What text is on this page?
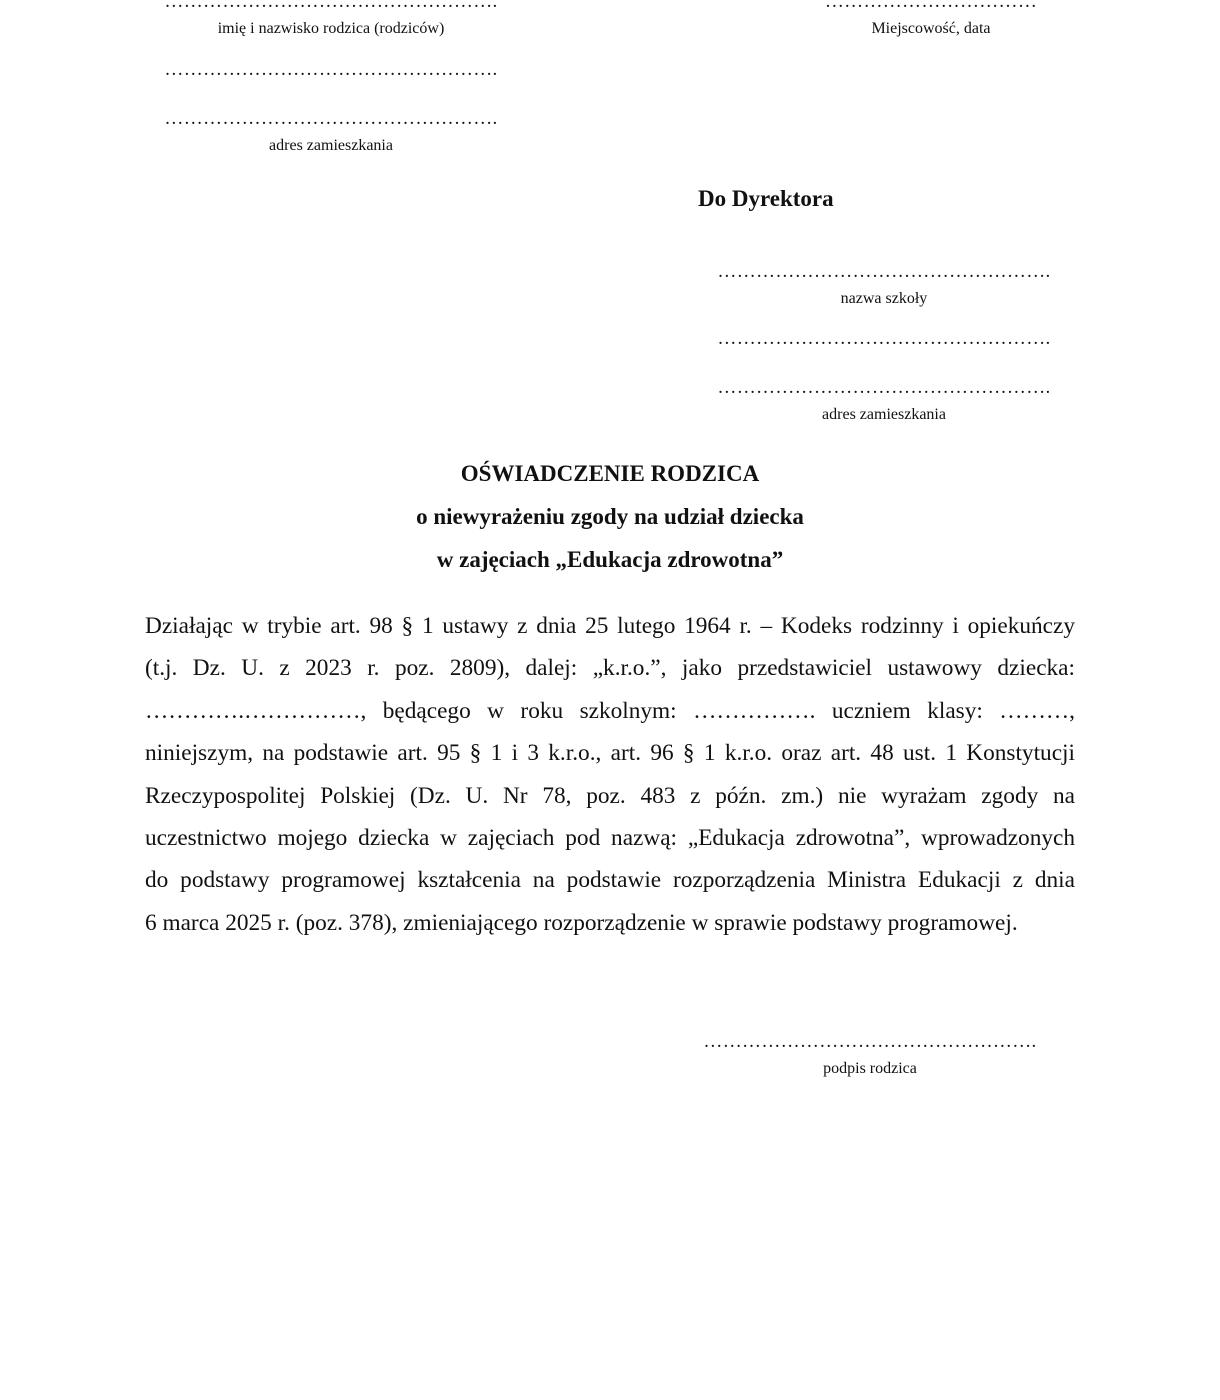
…………………………………………….
imię i nazwisko rodzica (rodziców)
…………………………………………….
…………………………………………….
adres zamieszkania
……………………………
Miejscowość, data
Do Dyrektora
…………………………………………….
nazwa szkoły
…………………………………………….
…………………………………………….
adres zamieszkania
OŚWIADCZENIE RODZICA
o niewyrażeniu zgody na udział dziecka
w zajęciach „Edukacja zdrowotna”
Działając w trybie art. 98 § 1 ustawy z dnia 25 lutego 1964 r. – Kodeks rodzinny i opiekuńczy
(t.j. Dz. U. z 2023 r. poz. 2809), dalej: „k.r.o.”, jako przedstawiciel ustawowy dziecka:
………….……………, będącego w roku szkolnym: ……………. uczniem klasy: ………,
niniejszym, na podstawie art. 95 § 1 i 3 k.r.o., art. 96 § 1 k.r.o. oraz art. 48 ust. 1 Konstytucji
Rzeczypospolitej Polskiej (Dz. U. Nr 78, poz. 483 z późn. zm.) nie wyrażam zgody na
uczestnictwo mojego dziecka w zajęciach pod nazwą: „Edukacja zdrowotna”, wprowadzonych
do podstawy programowej kształcenia na podstawie rozporządzenia Ministra Edukacji z dnia
6 marca 2025 r. (poz. 378), zmieniającego rozporządzenie w sprawie podstawy programowej.
…………………………………………….
podpis rodzica
